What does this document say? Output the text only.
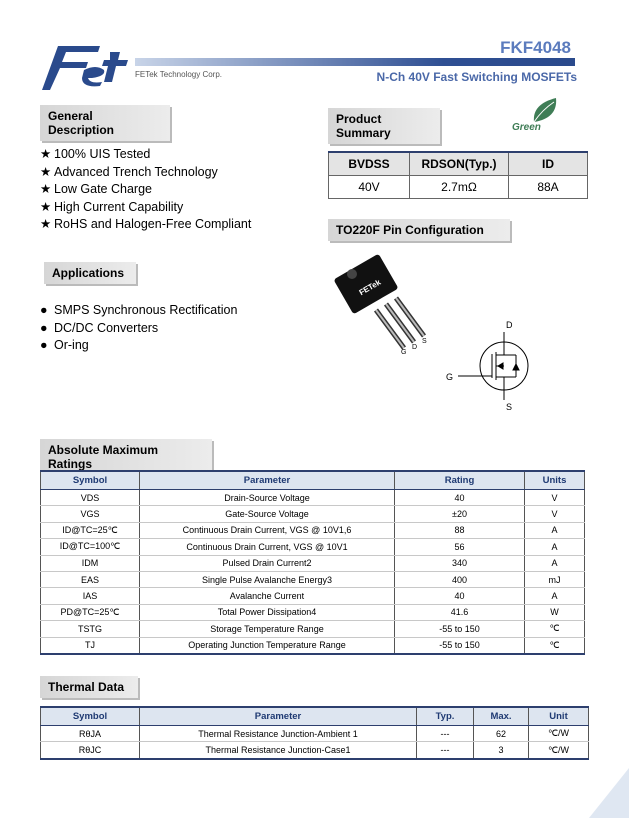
FETek Technology Corp.
FKF4048
N-Ch 40V Fast Switching MOSFETs
General Description
★ 100% UIS Tested
★ Advanced Trench Technology
★ Low Gate Charge
★ High Current Capability
★ RoHS and Halogen-Free Compliant
Applications
● SMPS Synchronous Rectification
● DC/DC Converters
● Or-ing
Product Summary	Green
BVDSS	RDSON(Typ.)	ID
40V	2.7mΩ	88A
TO220F Pin Configuration
FETek
G
D
S
D
G
S
Absolute Maximum Ratings
Symbol	Parameter	Rating	Units
VDS	Drain-Source Voltage	40	V
VGS	Gate-Source Voltage	±20	V
ID@TC=25℃	Continuous Drain Current, VGS @ 10V1,6	88	A
ID@TC=100℃	Continuous Drain Current, VGS @ 10V1	56	A
IDM	Pulsed Drain Current2	340	A
EAS	Single Pulse Avalanche Energy3	400	mJ
IAS	Avalanche Current	40	A
PD@TC=25℃	Total Power Dissipation4	41.6	W
TSTG	Storage Temperature Range	-55 to 150	℃
TJ	Operating Junction Temperature Range	-55 to 150	℃
Thermal Data
Symbol	Parameter	Typ.	Max.	Unit
RθJA	Thermal Resistance Junction-Ambient 1	---	62	℃/W
RθJC	Thermal Resistance Junction-Case1	---	3	℃/W
